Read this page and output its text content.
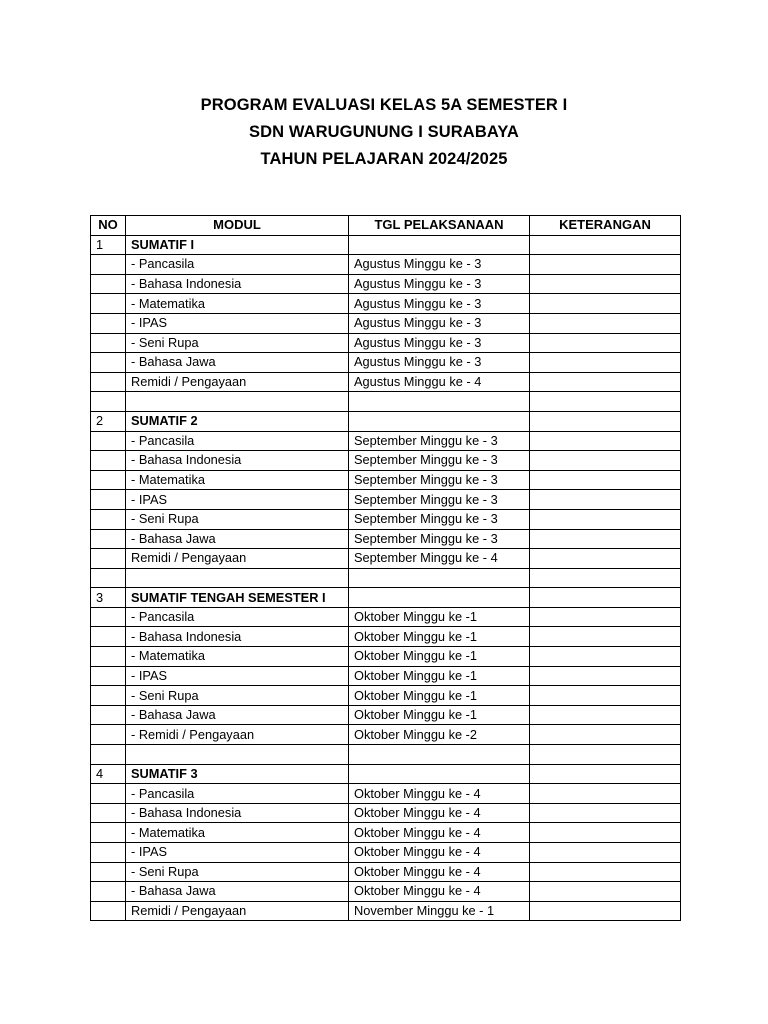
PROGRAM EVALUASI KELAS 5A SEMESTER I
SDN WARUGUNUNG I SURABAYA
TAHUN PELAJARAN 2024/2025
NO	MODUL	TGL PELAKSANAAN	KETERANGAN
1	SUMATIF I		
	- Pancasila	Agustus Minggu ke - 3	
	- Bahasa Indonesia	Agustus Minggu ke - 3	
	- Matematika	Agustus Minggu ke - 3	
	- IPAS	Agustus Minggu ke - 3	
	- Seni Rupa	Agustus Minggu ke - 3	
	- Bahasa Jawa	Agustus Minggu ke - 3	
	Remidi / Pengayaan	Agustus Minggu ke - 4	

2	SUMATIF 2		
	- Pancasila	September Minggu ke - 3	
	- Bahasa Indonesia	September Minggu ke - 3	
	- Matematika	September Minggu ke - 3	
	- IPAS	September Minggu ke - 3	
	- Seni Rupa	September Minggu ke - 3	
	- Bahasa Jawa	September Minggu ke - 3	
	Remidi / Pengayaan	September Minggu ke - 4	

3	SUMATIF TENGAH SEMESTER I		
	- Pancasila	Oktober Minggu ke -1	
	- Bahasa Indonesia	Oktober Minggu ke -1	
	- Matematika	Oktober Minggu ke -1	
	- IPAS	Oktober Minggu ke -1	
	- Seni Rupa	Oktober Minggu ke -1	
	- Bahasa Jawa	Oktober Minggu ke -1	
	- Remidi / Pengayaan	Oktober Minggu ke -2	

4	SUMATIF 3		
	- Pancasila	Oktober Minggu ke - 4	
	- Bahasa Indonesia	Oktober Minggu ke - 4	
	- Matematika	Oktober Minggu ke - 4	
	- IPAS	Oktober Minggu ke - 4	
	- Seni Rupa	Oktober Minggu ke - 4	
	- Bahasa Jawa	Oktober Minggu ke - 4	
	Remidi / Pengayaan	November Minggu ke - 1	
